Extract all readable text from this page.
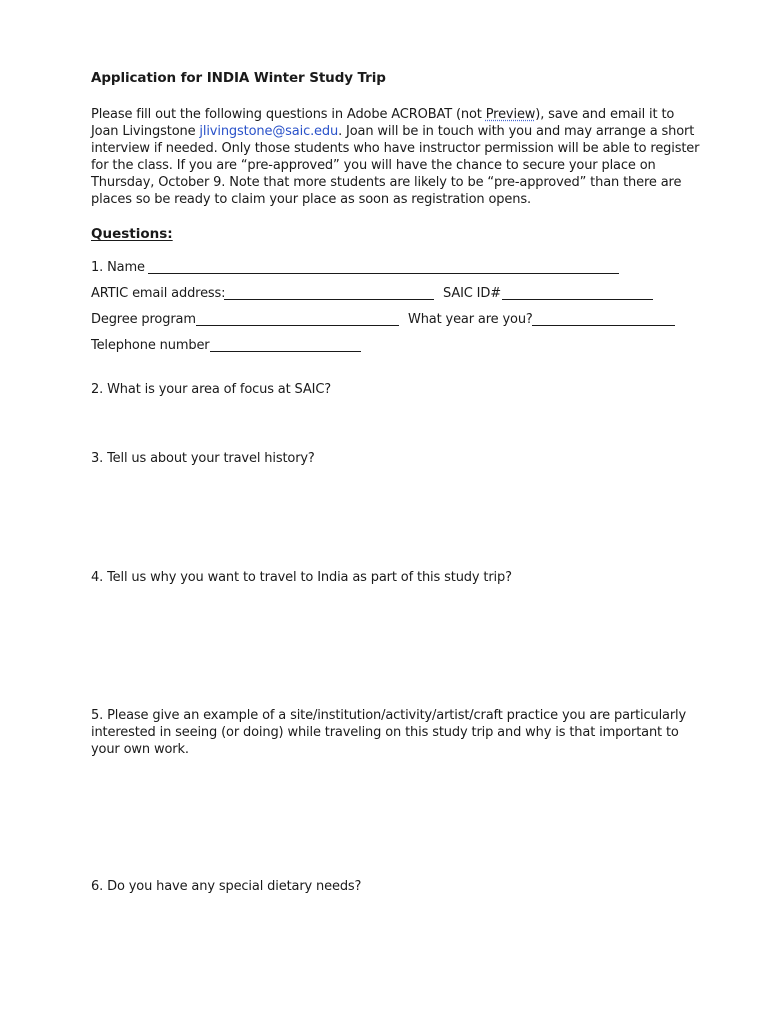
Application for INDIA Winter Study Trip
Please fill out the following questions in Adobe ACROBAT (not Preview), save and email it to
Joan Livingstone jlivingstone@saic.edu. Joan will be in touch with you and may arrange a short
interview if needed. Only those students who have instructor permission will be able to register
for the class. If you are “pre-approved” you will have the chance to secure your place on
Thursday, October 9. Note that more students are likely to be “pre-approved” than there are
places so be ready to claim your place as soon as registration opens.
Questions:
1. Name
ARTIC email address:	SAIC ID#
Degree program	What year are you?
Telephone number
2. What is your area of focus at SAIC?
3. Tell us about your travel history?
4. Tell us why you want to travel to India as part of this study trip?
5. Please give an example of a site/institution/activity/artist/craft practice you are particularly
interested in seeing (or doing) while traveling on this study trip and why is that important to
your own work.
6. Do you have any special dietary needs?
